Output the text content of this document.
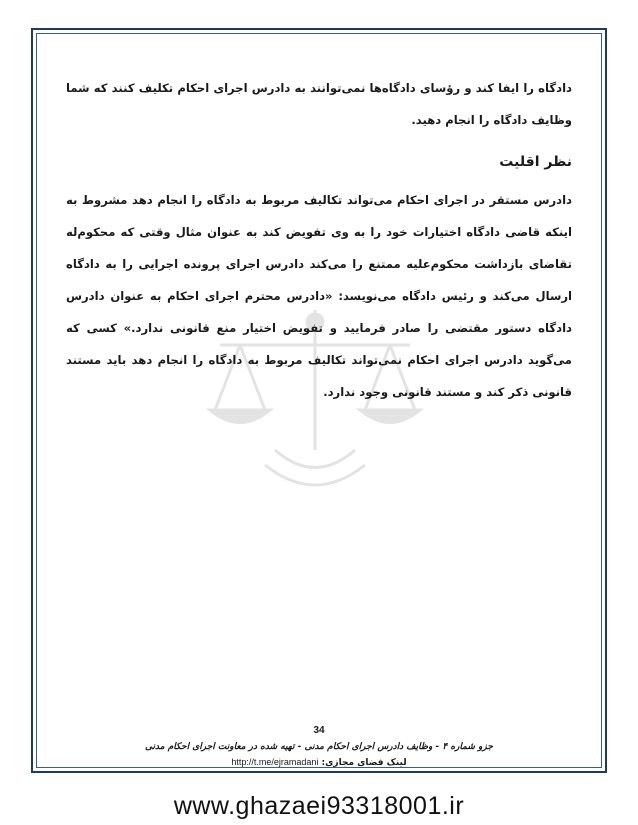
دادگاه را ایفا کند و رؤسای دادگاه‌ها نمی‌توانند به دادرس اجرای احکام تکلیف کنند که شما وظایف دادگاه را انجام دهید.

نظر اقلیت

دادرس مستقر در اجرای احکام می‌تواند تکالیف مربوط به دادگاه را انجام دهد مشروط به اینکه قاضی دادگاه اختیارات خود را به وی تفویض کند به عنوان مثال وقتی که محکوم‌له تقاضای بازداشت محکوم‌علیه ممتنع را می‌کند دادرس اجرای پرونده اجرایی را به دادگاه ارسال می‌کند و رئیس دادگاه می‌نویسد: «دادرس محترم اجرای احکام به عنوان دادرس دادگاه دستور مقتضی را صادر فرمایید و تفویض اختیار منع قانونی ندارد.» کسی که می‌گوید دادرس اجرای احکام نمی‌تواند تکالیف مربوط به دادگاه را انجام دهد باید مستند قانونی ذکر کند و مستند قانونی وجود ندارد.

34
جزو شماره ۴ - وظایف دادرس اجرای احکام مدنی - تهیه شده در معاونت اجرای احکام مدنی
لینک فضای مجازی: http://t.me/ejramadani
www.ghazaei93318001.ir
